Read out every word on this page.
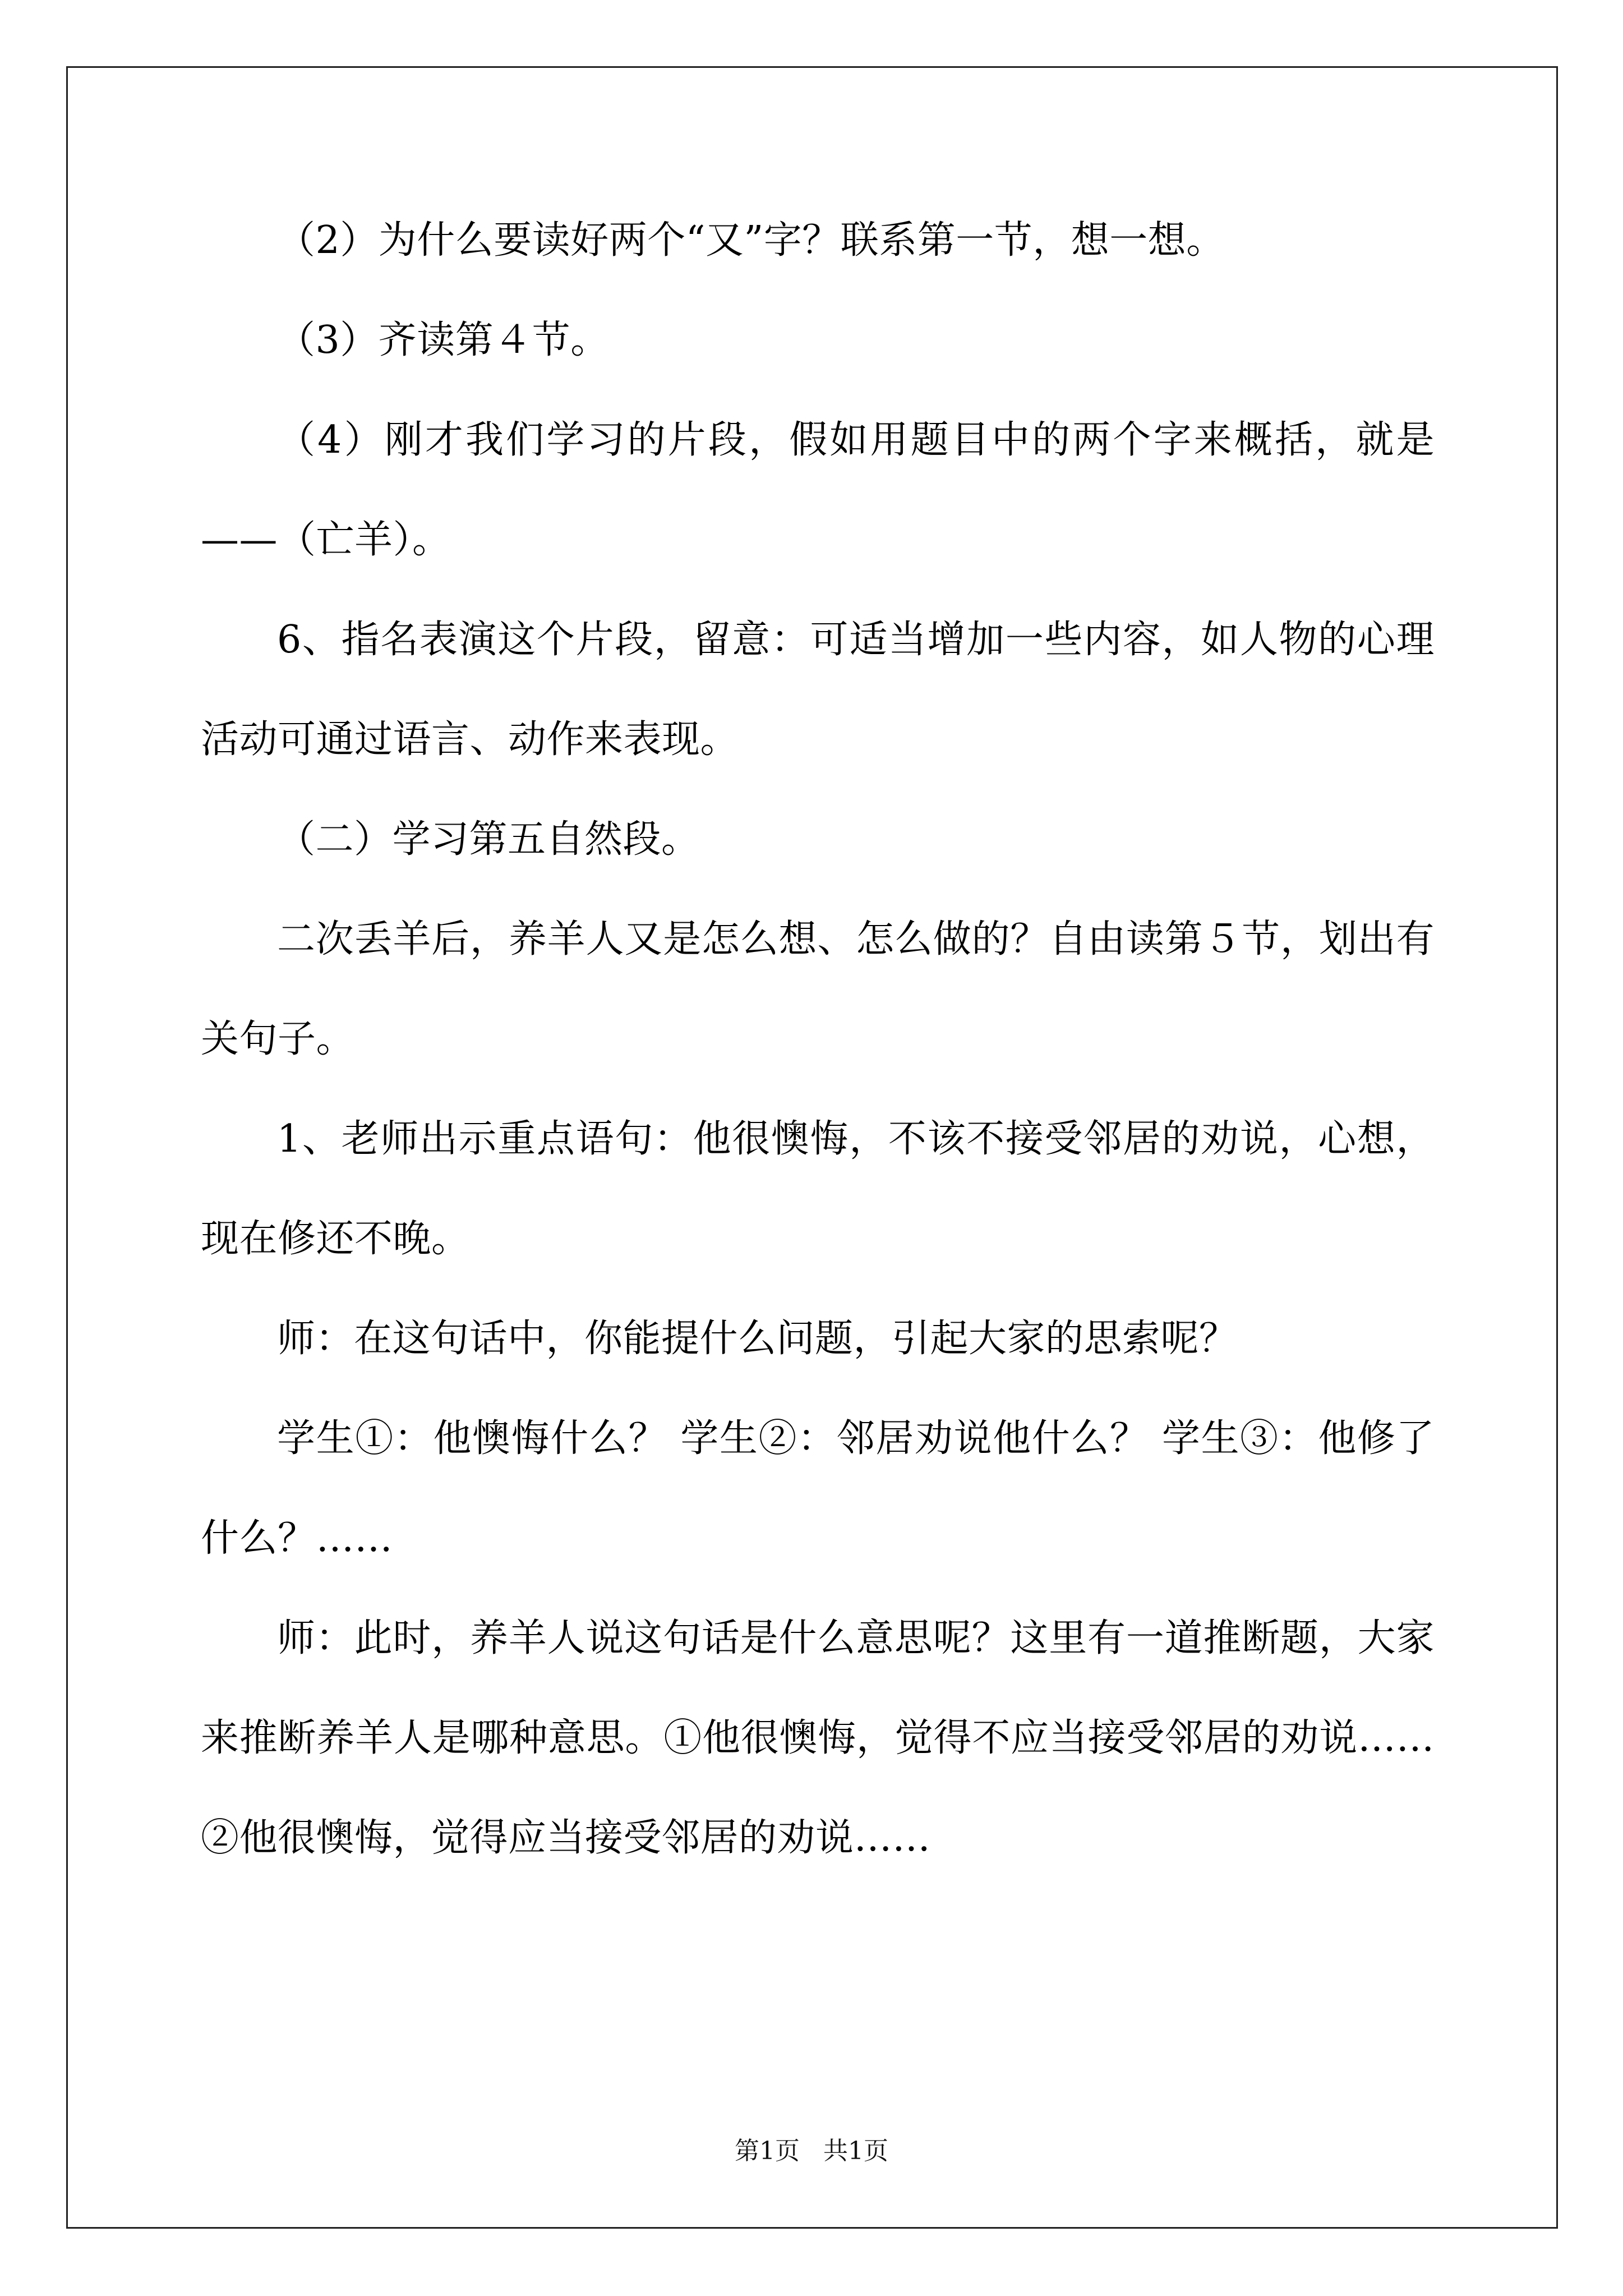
（2）为什么要读好两个“又”字？联系第一节，想一想。

（3）齐读第４节。

（4）刚才我们学习的片段，假如用题目中的两个字来概括，就是——（亡羊）。

6、指名表演这个片段，留意：可适当增加一些内容，如人物的心理活动可通过语言、动作来表现。

（二）学习第五自然段。

二次丢羊后，养羊人又是怎么想、怎么做的？自由读第５节，划出有关句子。

1、老师出示重点语句：他很懊悔，不该不接受邻居的劝说，心想，现在修还不晚。

师：在这句话中，你能提什么问题，引起大家的思索呢？

学生①：他懊悔什么？ 学生②：邻居劝说他什么？ 学生③：他修了什么？……

师：此时，养羊人说这句话是什么意思呢？这里有一道推断题，大家来推断养羊人是哪种意思。①他很懊悔，觉得不应当接受邻居的劝说……②他很懊悔，觉得应当接受邻居的劝说……

第1页 共1页
